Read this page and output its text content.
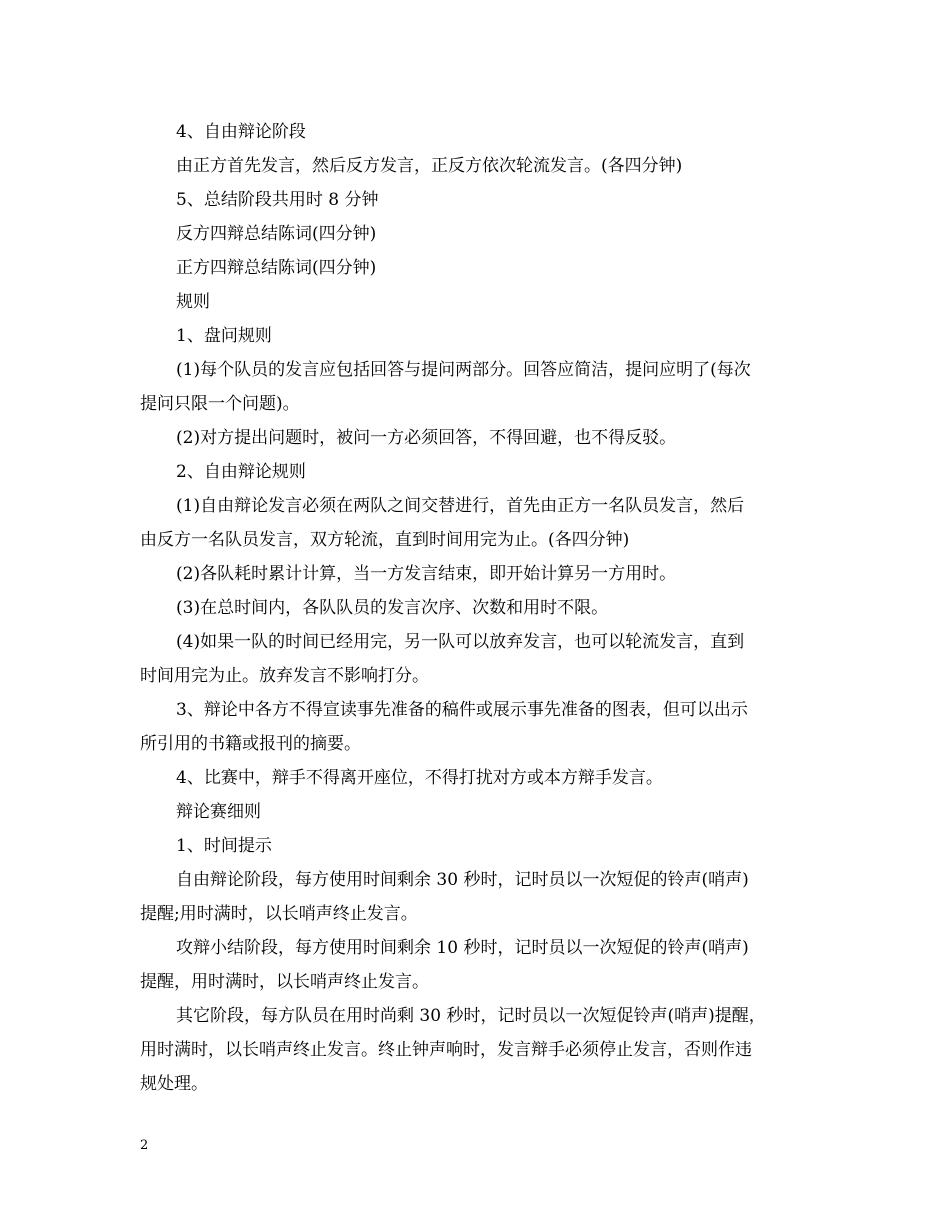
4、自由辩论阶段
由正方首先发言，然后反方发言，正反方依次轮流发言。(各四分钟)
5、总结阶段共用时 8 分钟
反方四辩总结陈词(四分钟)
正方四辩总结陈词(四分钟)
规则
1、盘问规则
(1)每个队员的发言应包括回答与提问两部分。回答应简洁，提问应明了(每次
提问只限一个问题)。
(2)对方提出问题时，被问一方必须回答，不得回避，也不得反驳。
2、自由辩论规则
(1)自由辩论发言必须在两队之间交替进行，首先由正方一名队员发言，然后
由反方一名队员发言，双方轮流，直到时间用完为止。(各四分钟)
(2)各队耗时累计计算，当一方发言结束，即开始计算另一方用时。
(3)在总时间内，各队队员的发言次序、次数和用时不限。
(4)如果一队的时间已经用完，另一队可以放弃发言，也可以轮流发言，直到
时间用完为止。放弃发言不影响打分。
3、辩论中各方不得宣读事先准备的稿件或展示事先准备的图表，但可以出示
所引用的书籍或报刊的摘要。
4、比赛中，辩手不得离开座位，不得打扰对方或本方辩手发言。
辩论赛细则
1、时间提示
自由辩论阶段，每方使用时间剩余 30 秒时，记时员以一次短促的铃声(哨声)
提醒;用时满时，以长哨声终止发言。
攻辩小结阶段，每方使用时间剩余 10 秒时，记时员以一次短促的铃声(哨声)
提醒，用时满时，以长哨声终止发言。
其它阶段，每方队员在用时尚剩 30 秒时，记时员以一次短促铃声(哨声)提醒，
用时满时，以长哨声终止发言。终止钟声响时，发言辩手必须停止发言，否则作违
规处理。
2
